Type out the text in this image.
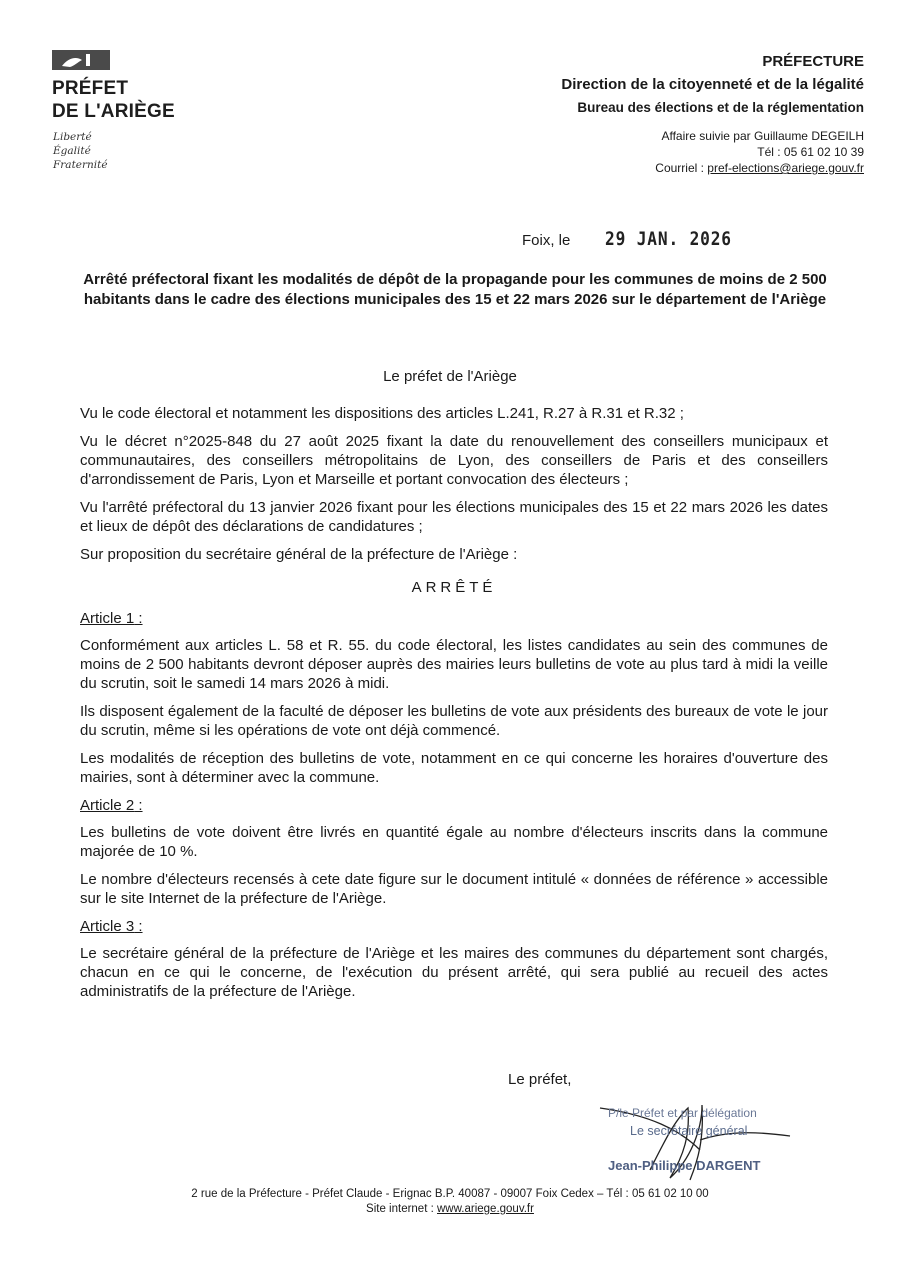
PRÉFET
DE L'ARIÈGE
Liberté
Égalité
Fraternité
PRÉFECTURE
Direction de la citoyenneté et de la légalité
Bureau des élections et de la réglementation
Affaire suivie par Guillaume DEGEILH
Tél : 05 61 02 10 39
Courriel : pref-elections@ariege.gouv.fr
Foix, le 29 JAN. 2026
Arrêté préfectoral fixant les modalités de dépôt de la propagande pour les communes de moins de 2 500 habitants dans le cadre des élections municipales des 15 et 22 mars 2026 sur le département de l'Ariège
Le préfet de l'Ariège

Vu le code électoral et notamment les dispositions des articles L.241, R.27 à R.31 et R.32 ;

Vu le décret n°2025-848 du 27 août 2025 fixant la date du renouvellement des conseillers municipaux et communautaires, des conseillers métropolitains de Lyon, des conseillers de Paris et des conseillers d'arrondissement de Paris, Lyon et Marseille et portant convocation des électeurs ;

Vu l'arrêté préfectoral du 13 janvier 2026 fixant pour les élections municipales des 15 et 22 mars 2026 les dates et lieux de dépôt des déclarations de candidatures ;

Sur proposition du secrétaire général de la préfecture de l'Ariège :

ARRÊTÉ

Article 1 :

Conformément aux articles L. 58 et R. 55. du code électoral, les listes candidates au sein des communes de moins de 2 500 habitants devront déposer auprès des mairies leurs bulletins de vote au plus tard à midi la veille du scrutin, soit le samedi 14 mars 2026 à midi.

Ils disposent également de la faculté de déposer les bulletins de vote aux présidents des bureaux de vote le jour du scrutin, même si les opérations de vote ont déjà commencé.

Les modalités de réception des bulletins de vote, notamment en ce qui concerne les horaires d'ouverture des mairies, sont à déterminer avec la commune.

Article 2 :

Les bulletins de vote doivent être livrés en quantité égale au nombre d'électeurs inscrits dans la commune majorée de 10 %.

Le nombre d'électeurs recensés à cete date figure sur le document intitulé « données de référence » accessible sur le site Internet de la préfecture de l'Ariège.

Article 3 :

Le secrétaire général de la préfecture de l'Ariège et les maires des communes du département sont chargés, chacun en ce qui le concerne, de l'exécution du présent arrêté, qui sera publié au recueil des actes administratifs de la préfecture de l'Ariège.

Le préfet,
P/le Préfet et par délégation
Le secrétaire général
Jean-Philippe DARGENT
2 rue de la Préfecture - Préfet Claude - Erignac B.P. 40087 - 09007 Foix Cedex – Tél : 05 61 02 10 00
Site internet : www.ariege.gouv.fr
